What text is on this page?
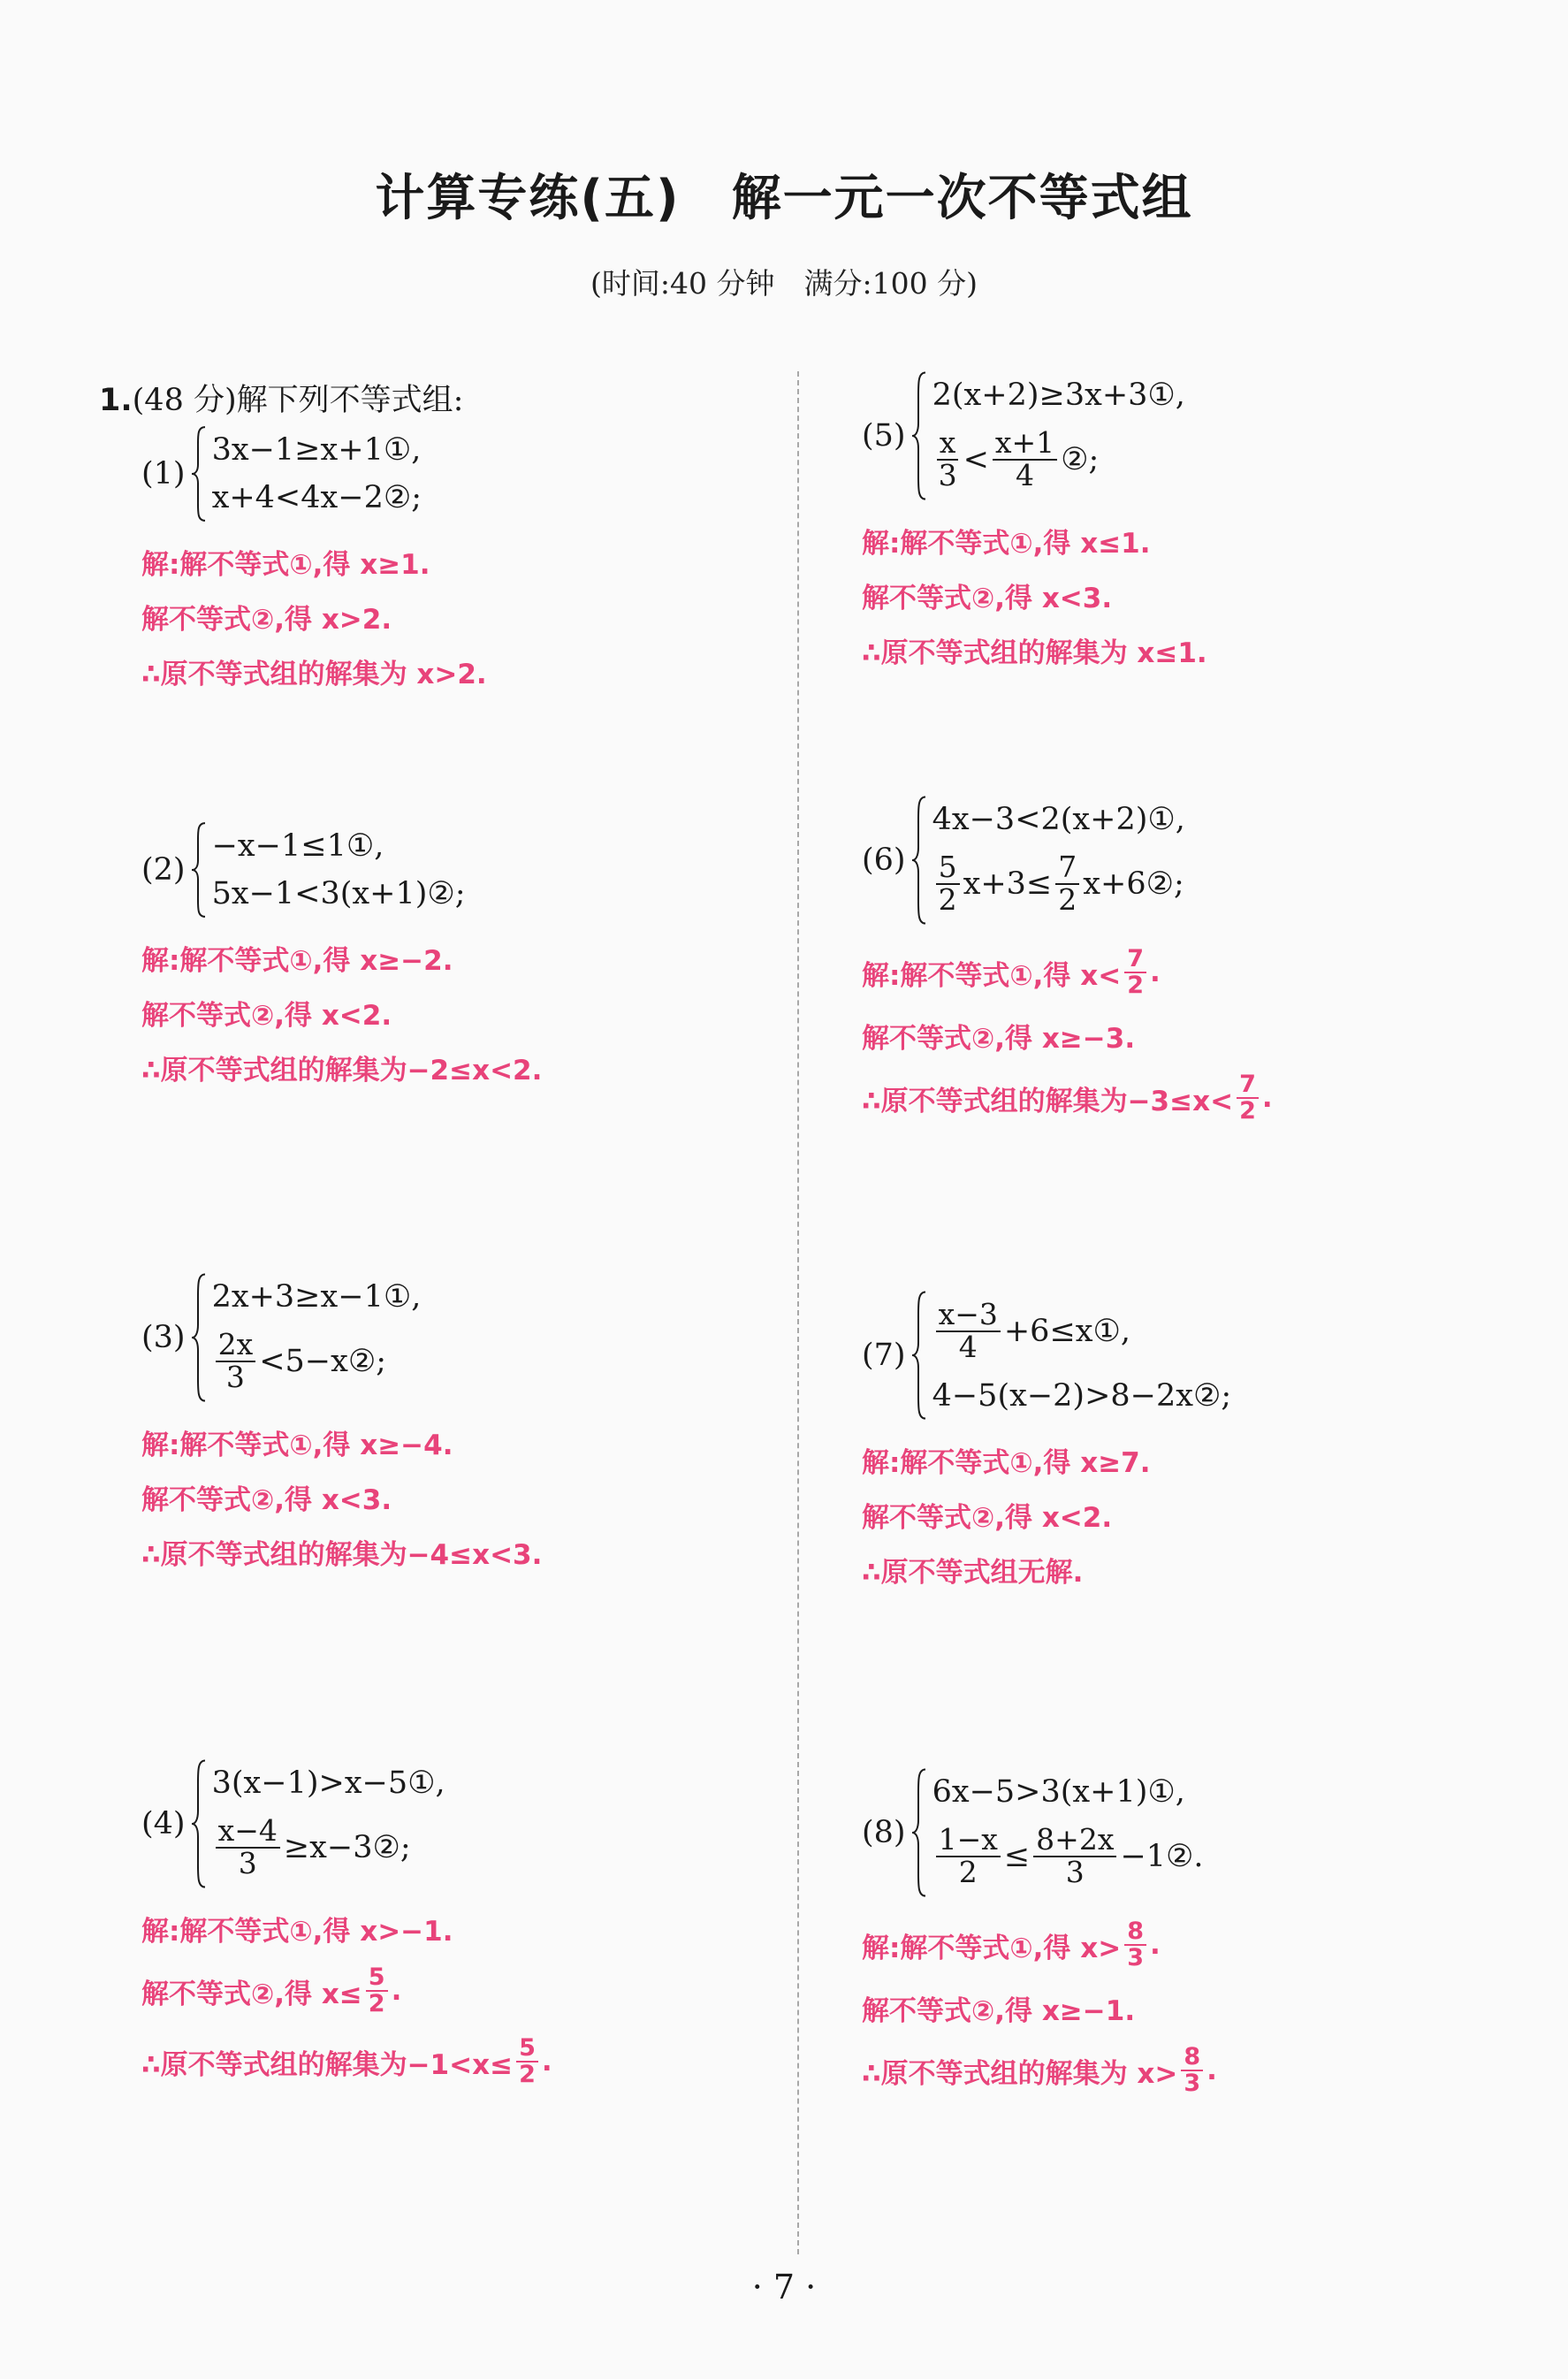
计算专练(五)　解一元一次不等式组
(时间:40 分钟　满分:100 分)
1.(48 分)解下列不等式组:
(1)
3x−1≥x+1①,
x+4<4x−2②;
解:解不等式①,得 x≥1.
解不等式②,得 x>2.
∴原不等式组的解集为 x>2.
(2)
−x−1≤1①,
5x−1<3(x+1)②;
解:解不等式①,得 x≥−2.
解不等式②,得 x<2.
∴原不等式组的解集为−2≤x<2.
(3)
2x+3≥x−1①,
$\frac{2x}{3}$ <5−x②;
解:解不等式①,得 x≥−4.
解不等式②,得 x<3.
∴原不等式组的解集为−4≤x<3.
(4)
3(x−1)>x−5①,
$\frac{x-4}{3}$ ≥x−3②;
解:解不等式①,得 x>−1.
解不等式②,得 $x\le \frac{5}{2}$ .
∴原不等式组的解集为$-1<x\le \frac{5}{2}$ .
(5)
2(x+2)≥3x+3①,
$\frac{x}{3} < \frac{x+1}{4}$ ②;
解:解不等式①,得 x≤1.
解不等式②,得 x<3.
∴原不等式组的解集为 x≤1.
(6)
4x−3<2(x+2)①,
$\frac{5}{2} x+3\le \frac{7}{2}$ x+6②;
解:解不等式①,得 $x< \frac{7}{2}$ .
解不等式②,得 x≥−3.
∴原不等式组的解集为$-3\le x< \frac{7}{2}$ .
$(7) \frac{x-3}{4}$ +6≤x①,
4−5(x−2)>8−2x②;
解:解不等式①,得 x≥7.
解不等式②,得 x<2.
∴原不等式组无解.
(8)
6x−5>3(x+1)①,
$\frac{1-x}{2} \le \frac{8+2x}{3}$ −1②.
解:解不等式①,得 $x> \frac{8}{3}$ .
解不等式②,得 x≥−1.
∴原不等式组的解集为 $x> \frac{8}{3}$ .
· 7 ·
